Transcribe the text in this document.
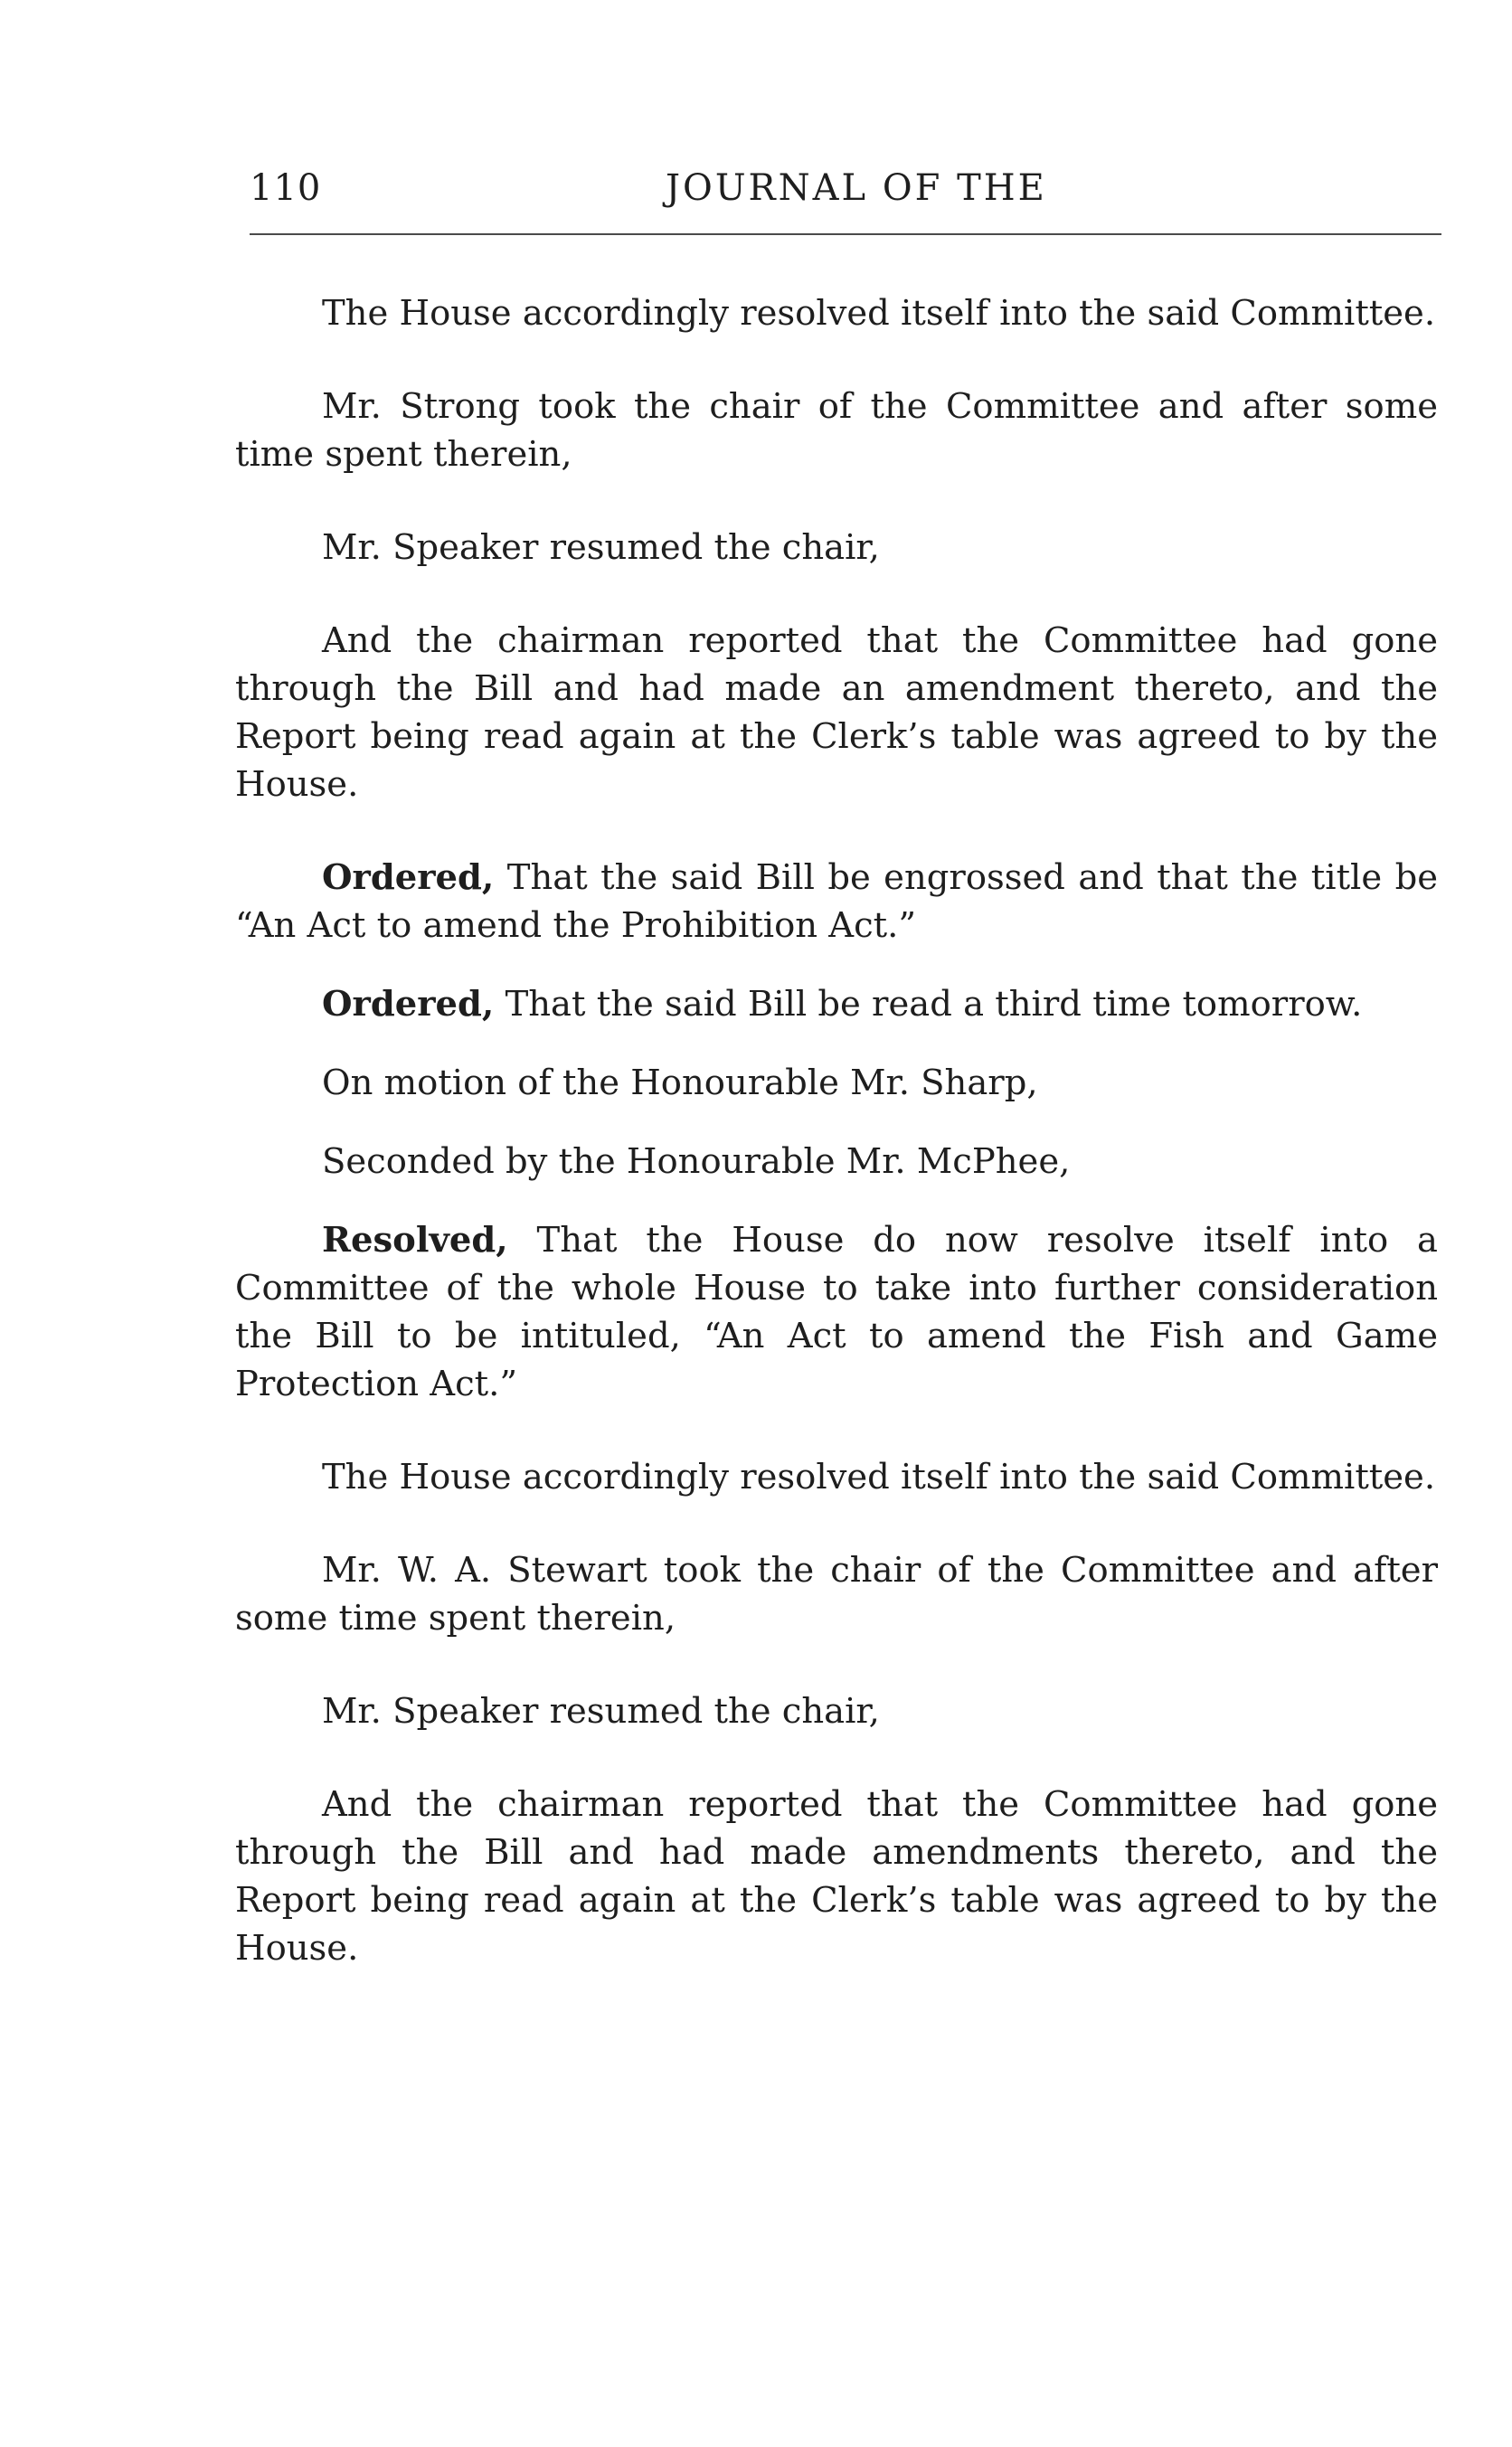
110	JOURNAL OF THE

The House accordingly resolved itself into the said Committee.

Mr. Strong took the chair of the Committee and after some time spent therein,

Mr. Speaker resumed the chair,

And the chairman reported that the Committee had gone through the Bill and had made an amendment thereto, and the Report being read again at the Clerk’s table was agreed to by the House.

Ordered, That the said Bill be engrossed and that the title be “An Act to amend the Prohibition Act.”

Ordered, That the said Bill be read a third time tomorrow.

On motion of the Honourable Mr. Sharp,

Seconded by the Honourable Mr. McPhee,

Resolved, That the House do now resolve itself into a Committee of the whole House to take into further consideration the Bill to be intituled, “An Act to amend the Fish and Game Protection Act.”

The House accordingly resolved itself into the said Committee.

Mr. W. A. Stewart took the chair of the Committee and after some time spent therein,

Mr. Speaker resumed the chair,

And the chairman reported that the Committee had gone through the Bill and had made amendments thereto, and the Report being read again at the Clerk’s table was agreed to by the House.
